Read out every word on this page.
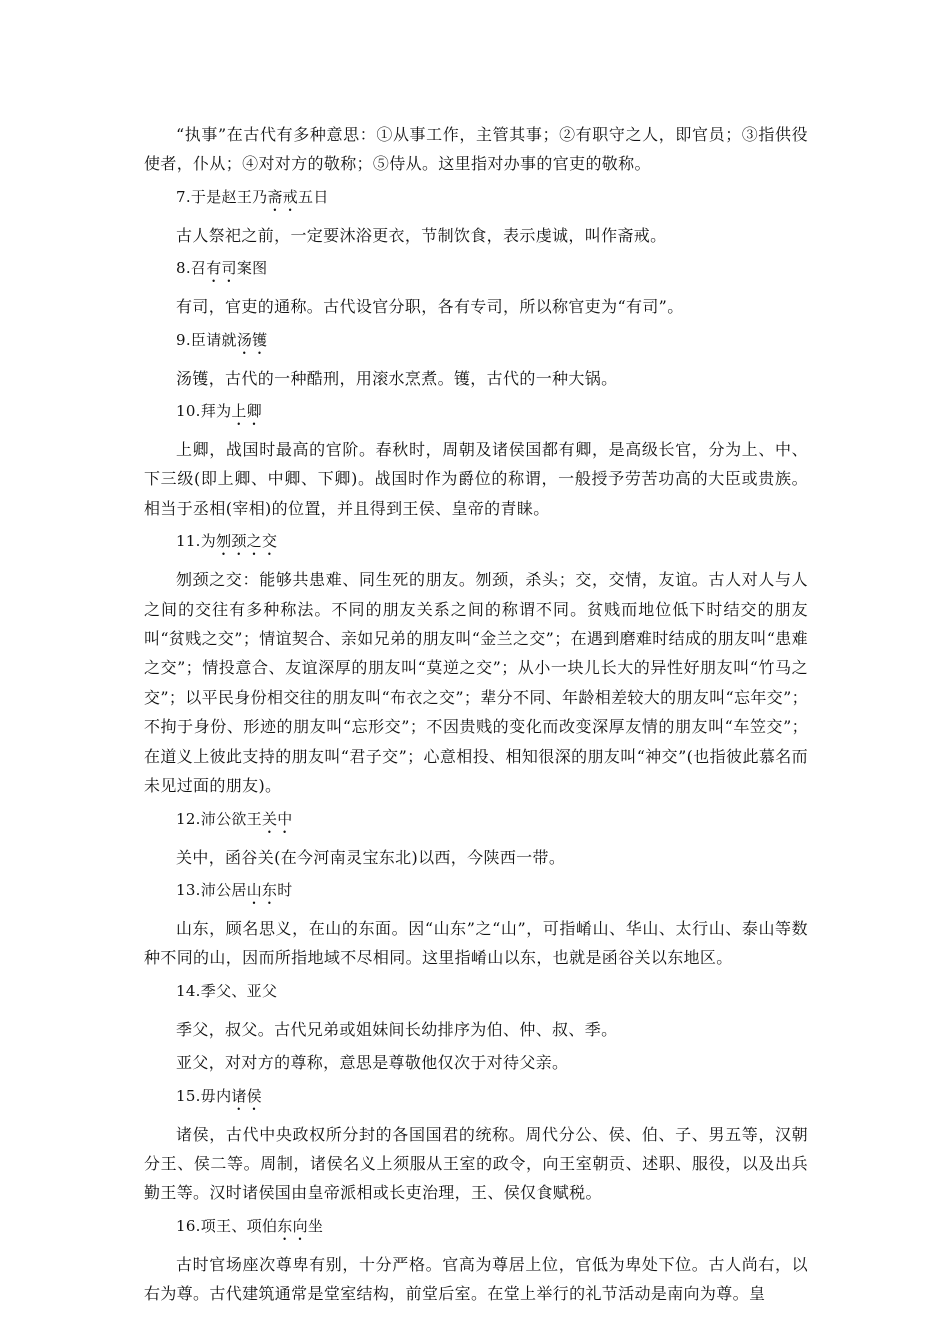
“执事”在古代有多种意思：①从事工作，主管其事；②有职守之人，即官员；③指供役使者，仆从；④对对方的敬称；⑤侍从。这里指对办事的官吏的敬称。

7.于是赵王乃斋戒五日

古人祭祀之前，一定要沐浴更衣，节制饮食，表示虔诚，叫作斋戒。

8.召有司案图

有司，官吏的通称。古代设官分职，各有专司，所以称官吏为“有司”。

9.臣请就汤镬

汤镬，古代的一种酷刑，用滚水烹煮。镬，古代的一种大锅。

10.拜为上卿

上卿，战国时最高的官阶。春秋时，周朝及诸侯国都有卿，是高级长官，分为上、中、下三级(即上卿、中卿、下卿)。战国时作为爵位的称谓，一般授予劳苦功高的大臣或贵族。相当于丞相(宰相)的位置，并且得到王侯、皇帝的青睐。

11.为刎颈之交

刎颈之交：能够共患难、同生死的朋友。刎颈，杀头；交，交情，友谊。古人对人与人之间的交往有多种称法。不同的朋友关系之间的称谓不同。贫贱而地位低下时结交的朋友叫“贫贱之交”；情谊契合、亲如兄弟的朋友叫“金兰之交”；在遇到磨难时结成的朋友叫“患难之交”；情投意合、友谊深厚的朋友叫“莫逆之交”；从小一块儿长大的异性好朋友叫“竹马之交”；以平民身份相交往的朋友叫“布衣之交”；辈分不同、年龄相差较大的朋友叫“忘年交”；不拘于身份、形迹的朋友叫“忘形交”；不因贵贱的变化而改变深厚友情的朋友叫“车笠交”；在道义上彼此支持的朋友叫“君子交”；心意相投、相知很深的朋友叫“神交”(也指彼此慕名而未见过面的朋友)。

12.沛公欲王关中

关中，函谷关(在今河南灵宝东北)以西，今陕西一带。

13.沛公居山东时

山东，顾名思义，在山的东面。因“山东”之“山”，可指崤山、华山、太行山、泰山等数种不同的山，因而所指地域不尽相同。这里指崤山以东，也就是函谷关以东地区。

14.季父、亚父

季父，叔父。古代兄弟或姐妹间长幼排序为伯、仲、叔、季。

亚父，对对方的尊称，意思是尊敬他仅次于对待父亲。

15.毋内诸侯

诸侯，古代中央政权所分封的各国国君的统称。周代分公、侯、伯、子、男五等，汉朝分王、侯二等。周制，诸侯名义上须服从王室的政令，向王室朝贡、述职、服役，以及出兵勤王等。汉时诸侯国由皇帝派相或长吏治理，王、侯仅食赋税。

16.项王、项伯东向坐

古时官场座次尊卑有别，十分严格。官高为尊居上位，官低为卑处下位。古人尚右，以右为尊。古代建筑通常是堂室结构，前堂后室。在堂上举行的礼节活动是南向为尊。皇
